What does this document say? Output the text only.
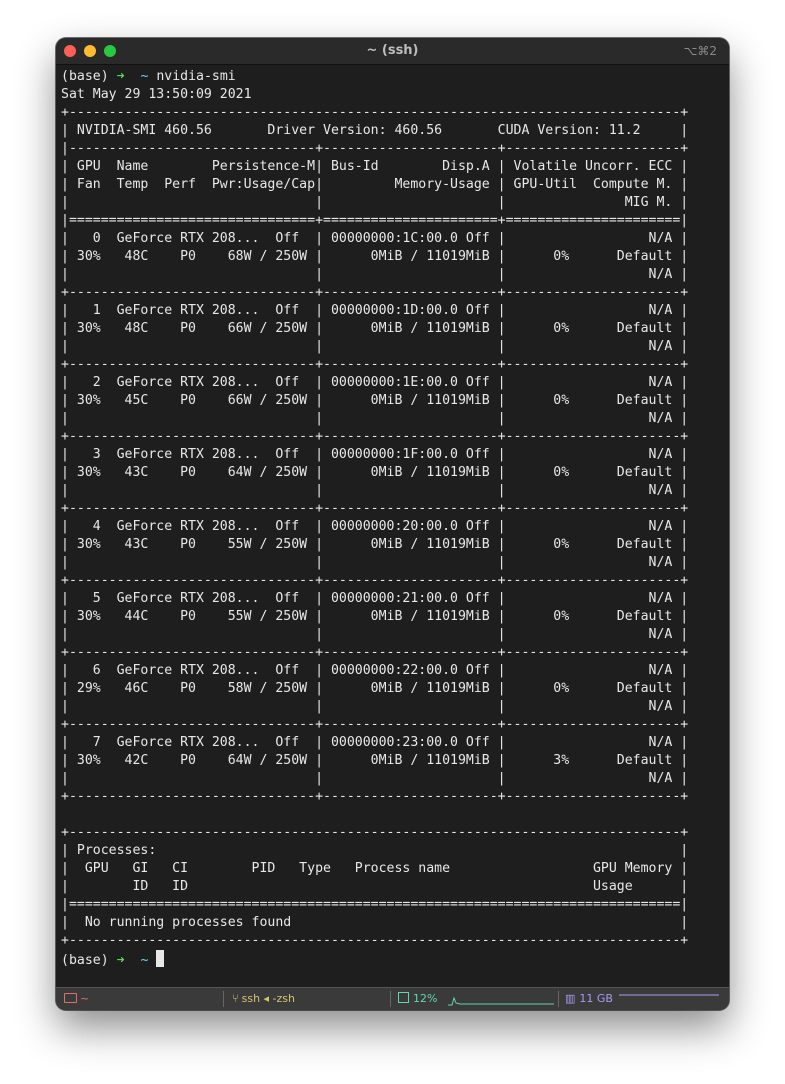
~ (ssh)	⌥⌘2
(base) ➜ ~ nvidia-smi
Sat May 29 13:50:09 2021
+-----------------------------------------------------------------------------+
| NVIDIA-SMI 460.56       Driver Version: 460.56       CUDA Version: 11.2     |
|-------------------------------+----------------------+----------------------+
| GPU  Name        Persistence-M| Bus-Id        Disp.A | Volatile Uncorr. ECC |
| Fan  Temp  Perf  Pwr:Usage/Cap|         Memory-Usage | GPU-Util  Compute M. |
|                               |                      |               MIG M. |
|===============================+======================+======================|
|   0  GeForce RTX 208...  Off  | 00000000:1C:00.0 Off |                  N/A |
| 30%   48C    P0    68W / 250W |      0MiB / 11019MiB |      0%      Default |
|                               |                      |                  N/A |
+-------------------------------+----------------------+----------------------+
|   1  GeForce RTX 208...  Off  | 00000000:1D:00.0 Off |                  N/A |
| 30%   48C    P0    66W / 250W |      0MiB / 11019MiB |      0%      Default |
|                               |                      |                  N/A |
+-------------------------------+----------------------+----------------------+
|   2  GeForce RTX 208...  Off  | 00000000:1E:00.0 Off |                  N/A |
| 30%   45C    P0    66W / 250W |      0MiB / 11019MiB |      0%      Default |
|                               |                      |                  N/A |
+-------------------------------+----------------------+----------------------+
|   3  GeForce RTX 208...  Off  | 00000000:1F:00.0 Off |                  N/A |
| 30%   43C    P0    64W / 250W |      0MiB / 11019MiB |      0%      Default |
|                               |                      |                  N/A |
+-------------------------------+----------------------+----------------------+
|   4  GeForce RTX 208...  Off  | 00000000:20:00.0 Off |                  N/A |
| 30%   43C    P0    55W / 250W |      0MiB / 11019MiB |      0%      Default |
|                               |                      |                  N/A |
+-------------------------------+----------------------+----------------------+
|   5  GeForce RTX 208...  Off  | 00000000:21:00.0 Off |                  N/A |
| 30%   44C    P0    55W / 250W |      0MiB / 11019MiB |      0%      Default |
|                               |                      |                  N/A |
+-------------------------------+----------------------+----------------------+
|   6  GeForce RTX 208...  Off  | 00000000:22:00.0 Off |                  N/A |
| 29%   46C    P0    58W / 250W |      0MiB / 11019MiB |      0%      Default |
|                               |                      |                  N/A |
+-------------------------------+----------------------+----------------------+
|   7  GeForce RTX 208...  Off  | 00000000:23:00.0 Off |                  N/A |
| 30%   42C    P0    64W / 250W |      0MiB / 11019MiB |      3%      Default |
|                               |                      |                  N/A |
+-------------------------------+----------------------+----------------------+
+-----------------------------------------------------------------------------+
| Processes:                                                                  |
|  GPU   GI   CI        PID   Type   Process name                  GPU Memory |
|        ID   ID                                                   Usage      |
|=============================================================================|
|  No running processes found                                                 |
+-----------------------------------------------------------------------------+
(base) ➜ ~
~	⑂ ssh ◂ -zsh	12%	▥ 11 GB
